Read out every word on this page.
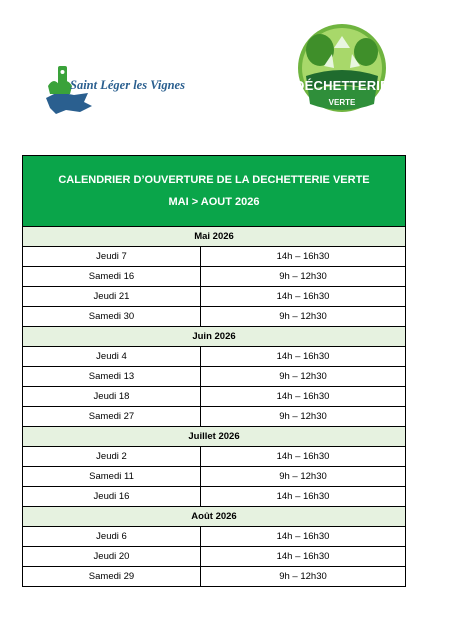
Saint Léger les Vignes	DÉCHETTERIE
VERTE
CALENDRIER D’OUVERTURE DE LA DECHETTERIE VERTE
MAI > AOUT 2026	

Mai 2026	
Jeudi 7	14h – 16h30
Samedi 16	9h – 12h30
Jeudi 21	14h – 16h30
Samedi 30	9h – 12h30
Juin 2026	
Jeudi 4	14h – 16h30
Samedi 13	9h – 12h30
Jeudi 18	14h – 16h30
Samedi 27	9h – 12h30
Juillet 2026	
Jeudi 2	14h – 16h30
Samedi 11	9h – 12h30
Jeudi 16	14h – 16h30
Août 2026	
Jeudi 6	14h – 16h30
Jeudi 20	14h – 16h30
Samedi 29	9h – 12h30
